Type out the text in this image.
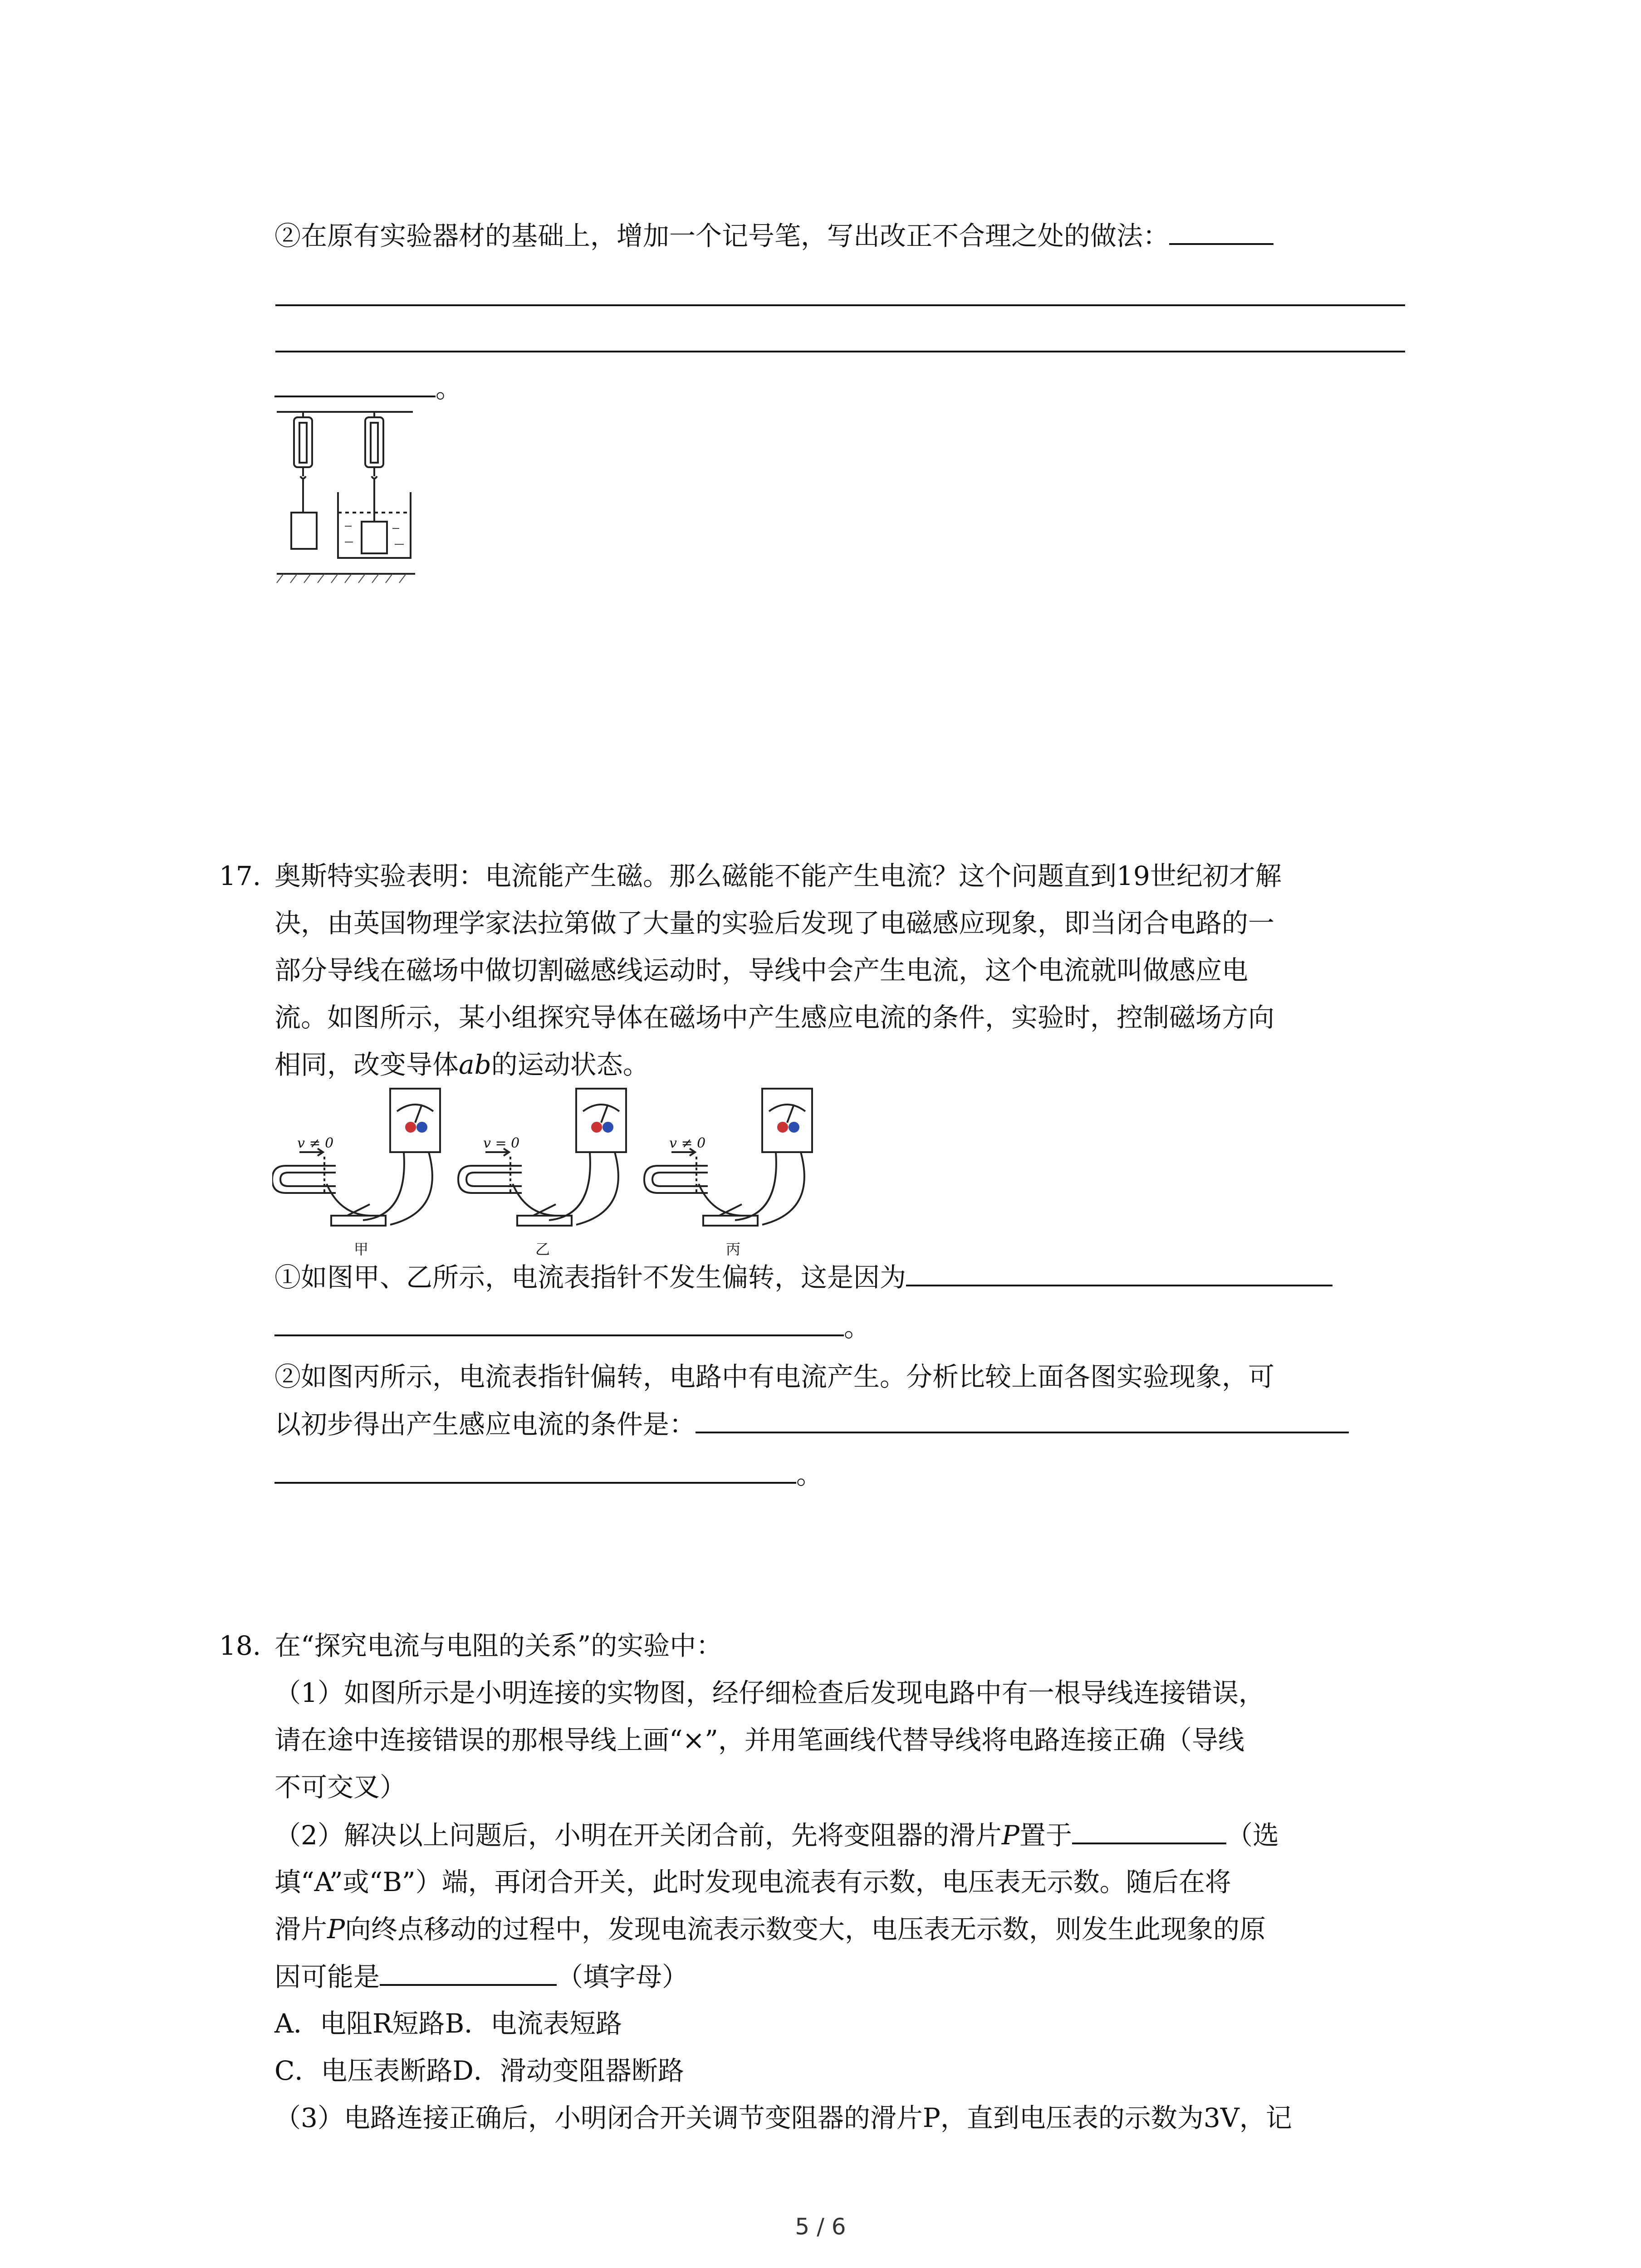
②在原有实验器材的基础上，增加一个记号笔，写出改正不合理之处的做法：
。
17. 奥斯特实验表明：电流能产生磁。那么磁能不能产生电流？这个问题直到19世纪初才解
决，由英国物理学家法拉第做了大量的实验后发现了电磁感应现象，即当闭合电路的一
部分导线在磁场中做切割磁感线运动时，导线中会产生电流，这个电流就叫做感应电
流。如图所示，某小组探究导体在磁场中产生感应电流的条件，实验时，控制磁场方向
相同，改变导体ab的运动状态。
v ≠ 0	v = 0	v ≠ 0
甲	乙	丙
①如图甲、乙所示，电流表指针不发生偏转，这是因为
。
②如图丙所示，电流表指针偏转，电路中有电流产生。分析比较上面各图实验现象，可
以初步得出产生感应电流的条件是：
。
18. 在“探究电流与电阻的关系”的实验中：
（1）如图所示是小明连接的实物图，经仔细检查后发现电路中有一根导线连接错误，
请在途中连接错误的那根导线上画“×”，并用笔画线代替导线将电路连接正确（导线
不可交叉）
（2）解决以上问题后，小明在开关闭合前，先将变阻器的滑片P置于	（选
填“A”或“B”）端，再闭合开关，此时发现电流表有示数，电压表无示数。随后在将
滑片P向终点移动的过程中，发现电流表示数变大，电压表无示数，则发生此现象的原
因可能是	（填字母）
A．电阻R短路B．电流表短路
C．电压表断路D．滑动变阻器断路
（3）电路连接正确后，小明闭合开关调节变阻器的滑片P，直到电压表的示数为3V，记
5 / 6
